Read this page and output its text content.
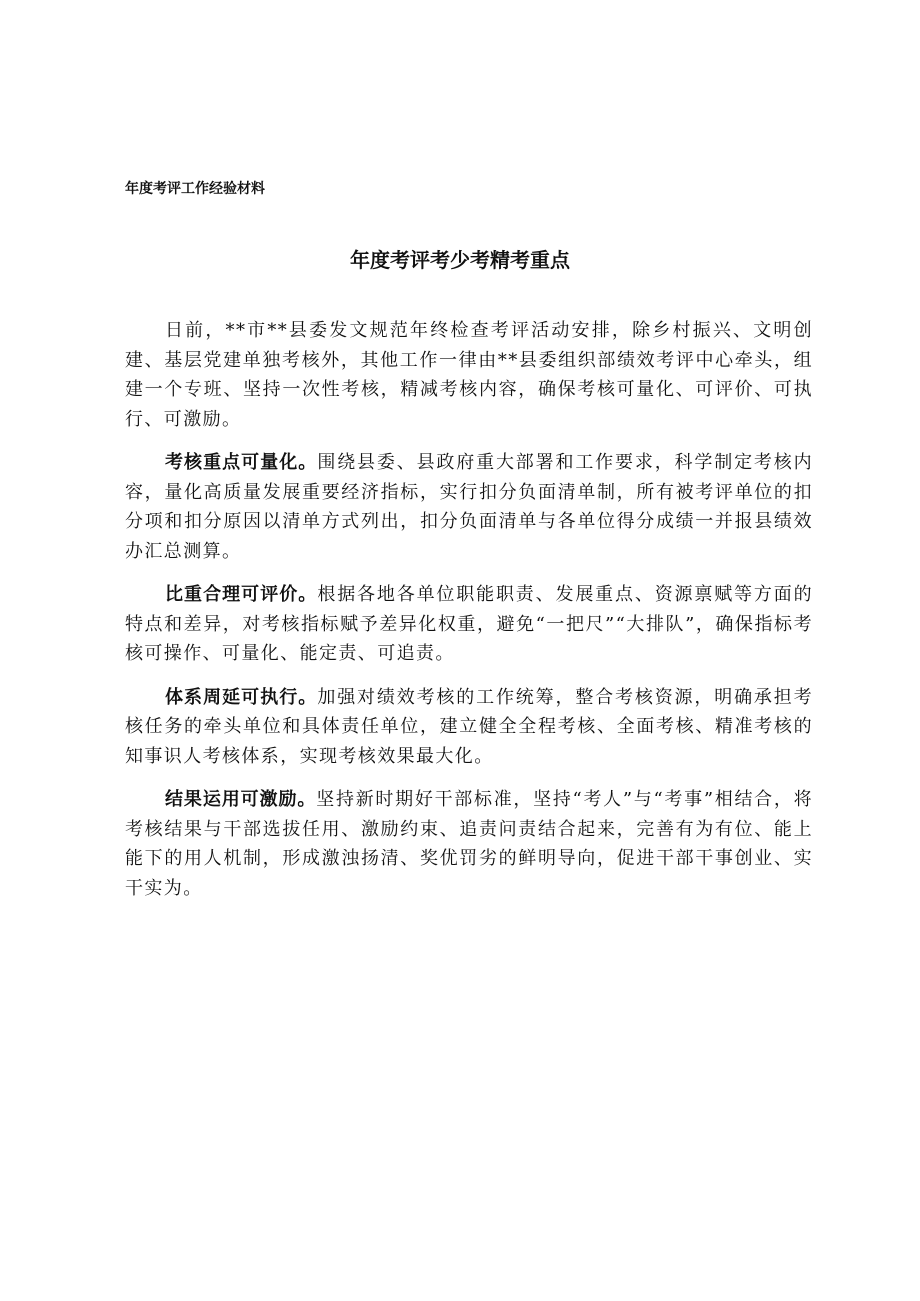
年度考评工作经验材料
年度考评考少考精考重点

日前，**市**县委发文规范年终检查考评活动安排，除乡村振兴、文明创建、基层党建单独考核外，其他工作一律由**县委组织部绩效考评中心牵头，组建一个专班、坚持一次性考核，精减考核内容，确保考核可量化、可评价、可执行、可激励。

考核重点可量化。围绕县委、县政府重大部署和工作要求，科学制定考核内容，量化高质量发展重要经济指标，实行扣分负面清单制，所有被考评单位的扣分项和扣分原因以清单方式列出，扣分负面清单与各单位得分成绩一并报县绩效办汇总测算。

比重合理可评价。根据各地各单位职能职责、发展重点、资源禀赋等方面的特点和差异，对考核指标赋予差异化权重，避免“一把尺”“大排队”，确保指标考核可操作、可量化、能定责、可追责。

体系周延可执行。加强对绩效考核的工作统筹，整合考核资源，明确承担考核任务的牵头单位和具体责任单位，建立健全全程考核、全面考核、精准考核的知事识人考核体系，实现考核效果最大化。

结果运用可激励。坚持新时期好干部标准，坚持“考人”与“考事”相结合，将考核结果与干部选拔任用、激励约束、追责问责结合起来，完善有为有位、能上能下的用人机制，形成激浊扬清、奖优罚劣的鲜明导向，促进干部干事创业、实干实为。
